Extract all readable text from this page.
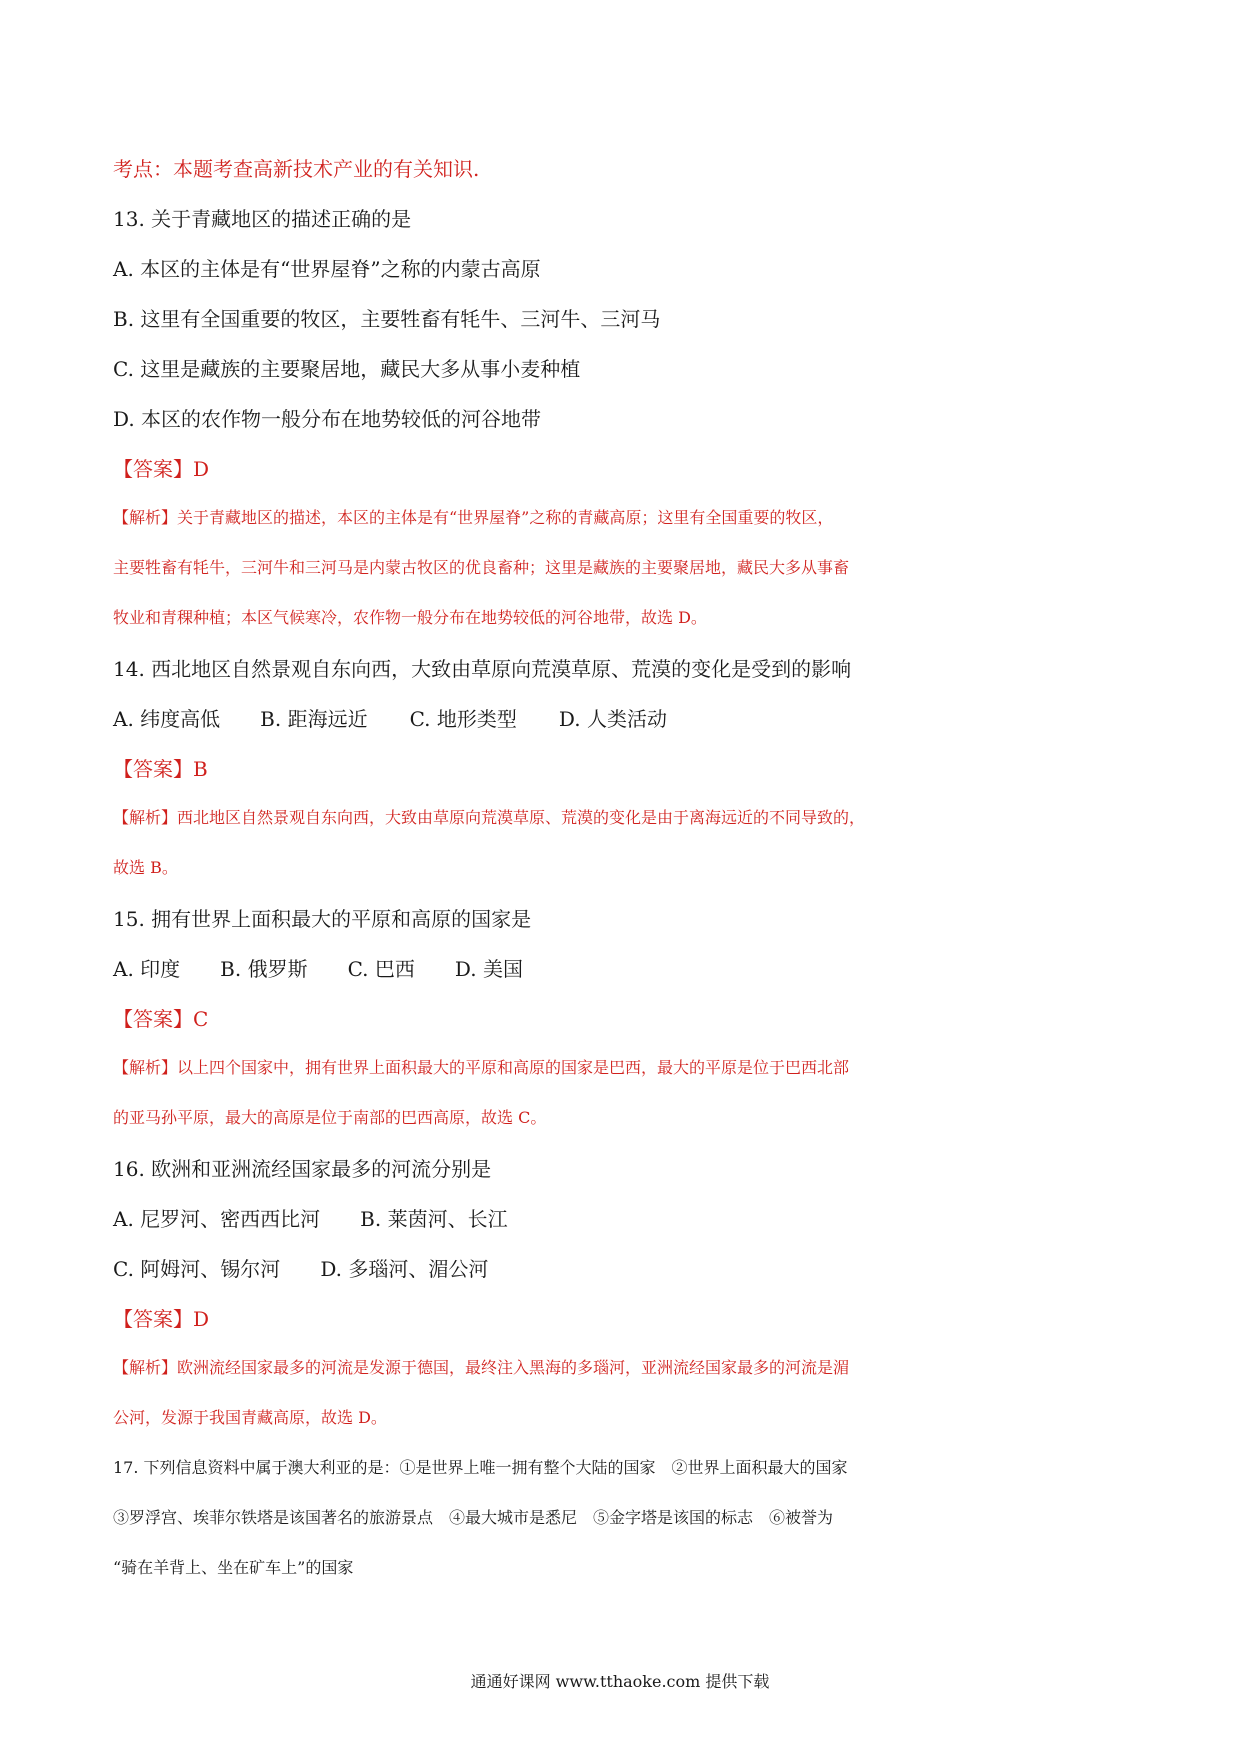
考点：本题考查高新技术产业的有关知识.
13. 关于青藏地区的描述正确的是
A. 本区的主体是有“世界屋脊”之称的内蒙古高原
B. 这里有全国重要的牧区，主要牲畜有牦牛、三河牛、三河马
C. 这里是藏族的主要聚居地，藏民大多从事小麦种植
D. 本区的农作物一般分布在地势较低的河谷地带
【答案】D
【解析】关于青藏地区的描述，本区的主体是有“世界屋脊”之称的青藏高原；这里有全国重要的牧区，
主要牲畜有牦牛，三河牛和三河马是内蒙古牧区的优良畜种；这里是藏族的主要聚居地，藏民大多从事畜
牧业和青稞种植；本区气候寒冷，农作物一般分布在地势较低的河谷地带，故选 D。
14. 西北地区自然景观自东向西，大致由草原向荒漠草原、荒漠的变化是受到的影响
A. 纬度高低 B. 距海远近 C. 地形类型 D. 人类活动
【答案】B
【解析】西北地区自然景观自东向西，大致由草原向荒漠草原、荒漠的变化是由于离海远近的不同导致的，
故选 B。
15. 拥有世界上面积最大的平原和高原的国家是
A. 印度 B. 俄罗斯 C. 巴西 D. 美国
【答案】C
【解析】以上四个国家中，拥有世界上面积最大的平原和高原的国家是巴西，最大的平原是位于巴西北部
的亚马孙平原，最大的高原是位于南部的巴西高原，故选 C。
16. 欧洲和亚洲流经国家最多的河流分别是
A. 尼罗河、密西西比河 B. 莱茵河、长江
C. 阿姆河、锡尔河 D. 多瑙河、湄公河
【答案】D
【解析】欧洲流经国家最多的河流是发源于德国，最终注入黑海的多瑙河，亚洲流经国家最多的河流是湄
公河，发源于我国青藏高原，故选 D。
17. 下列信息资料中属于澳大利亚的是：①是世界上唯一拥有整个大陆的国家　②世界上面积最大的国家
③罗浮宫、埃菲尔铁塔是该国著名的旅游景点　④最大城市是悉尼　⑤金字塔是该国的标志　⑥被誉为
“骑在羊背上、坐在矿车上”的国家
通通好课网 www.tthaoke.com 提供下载
